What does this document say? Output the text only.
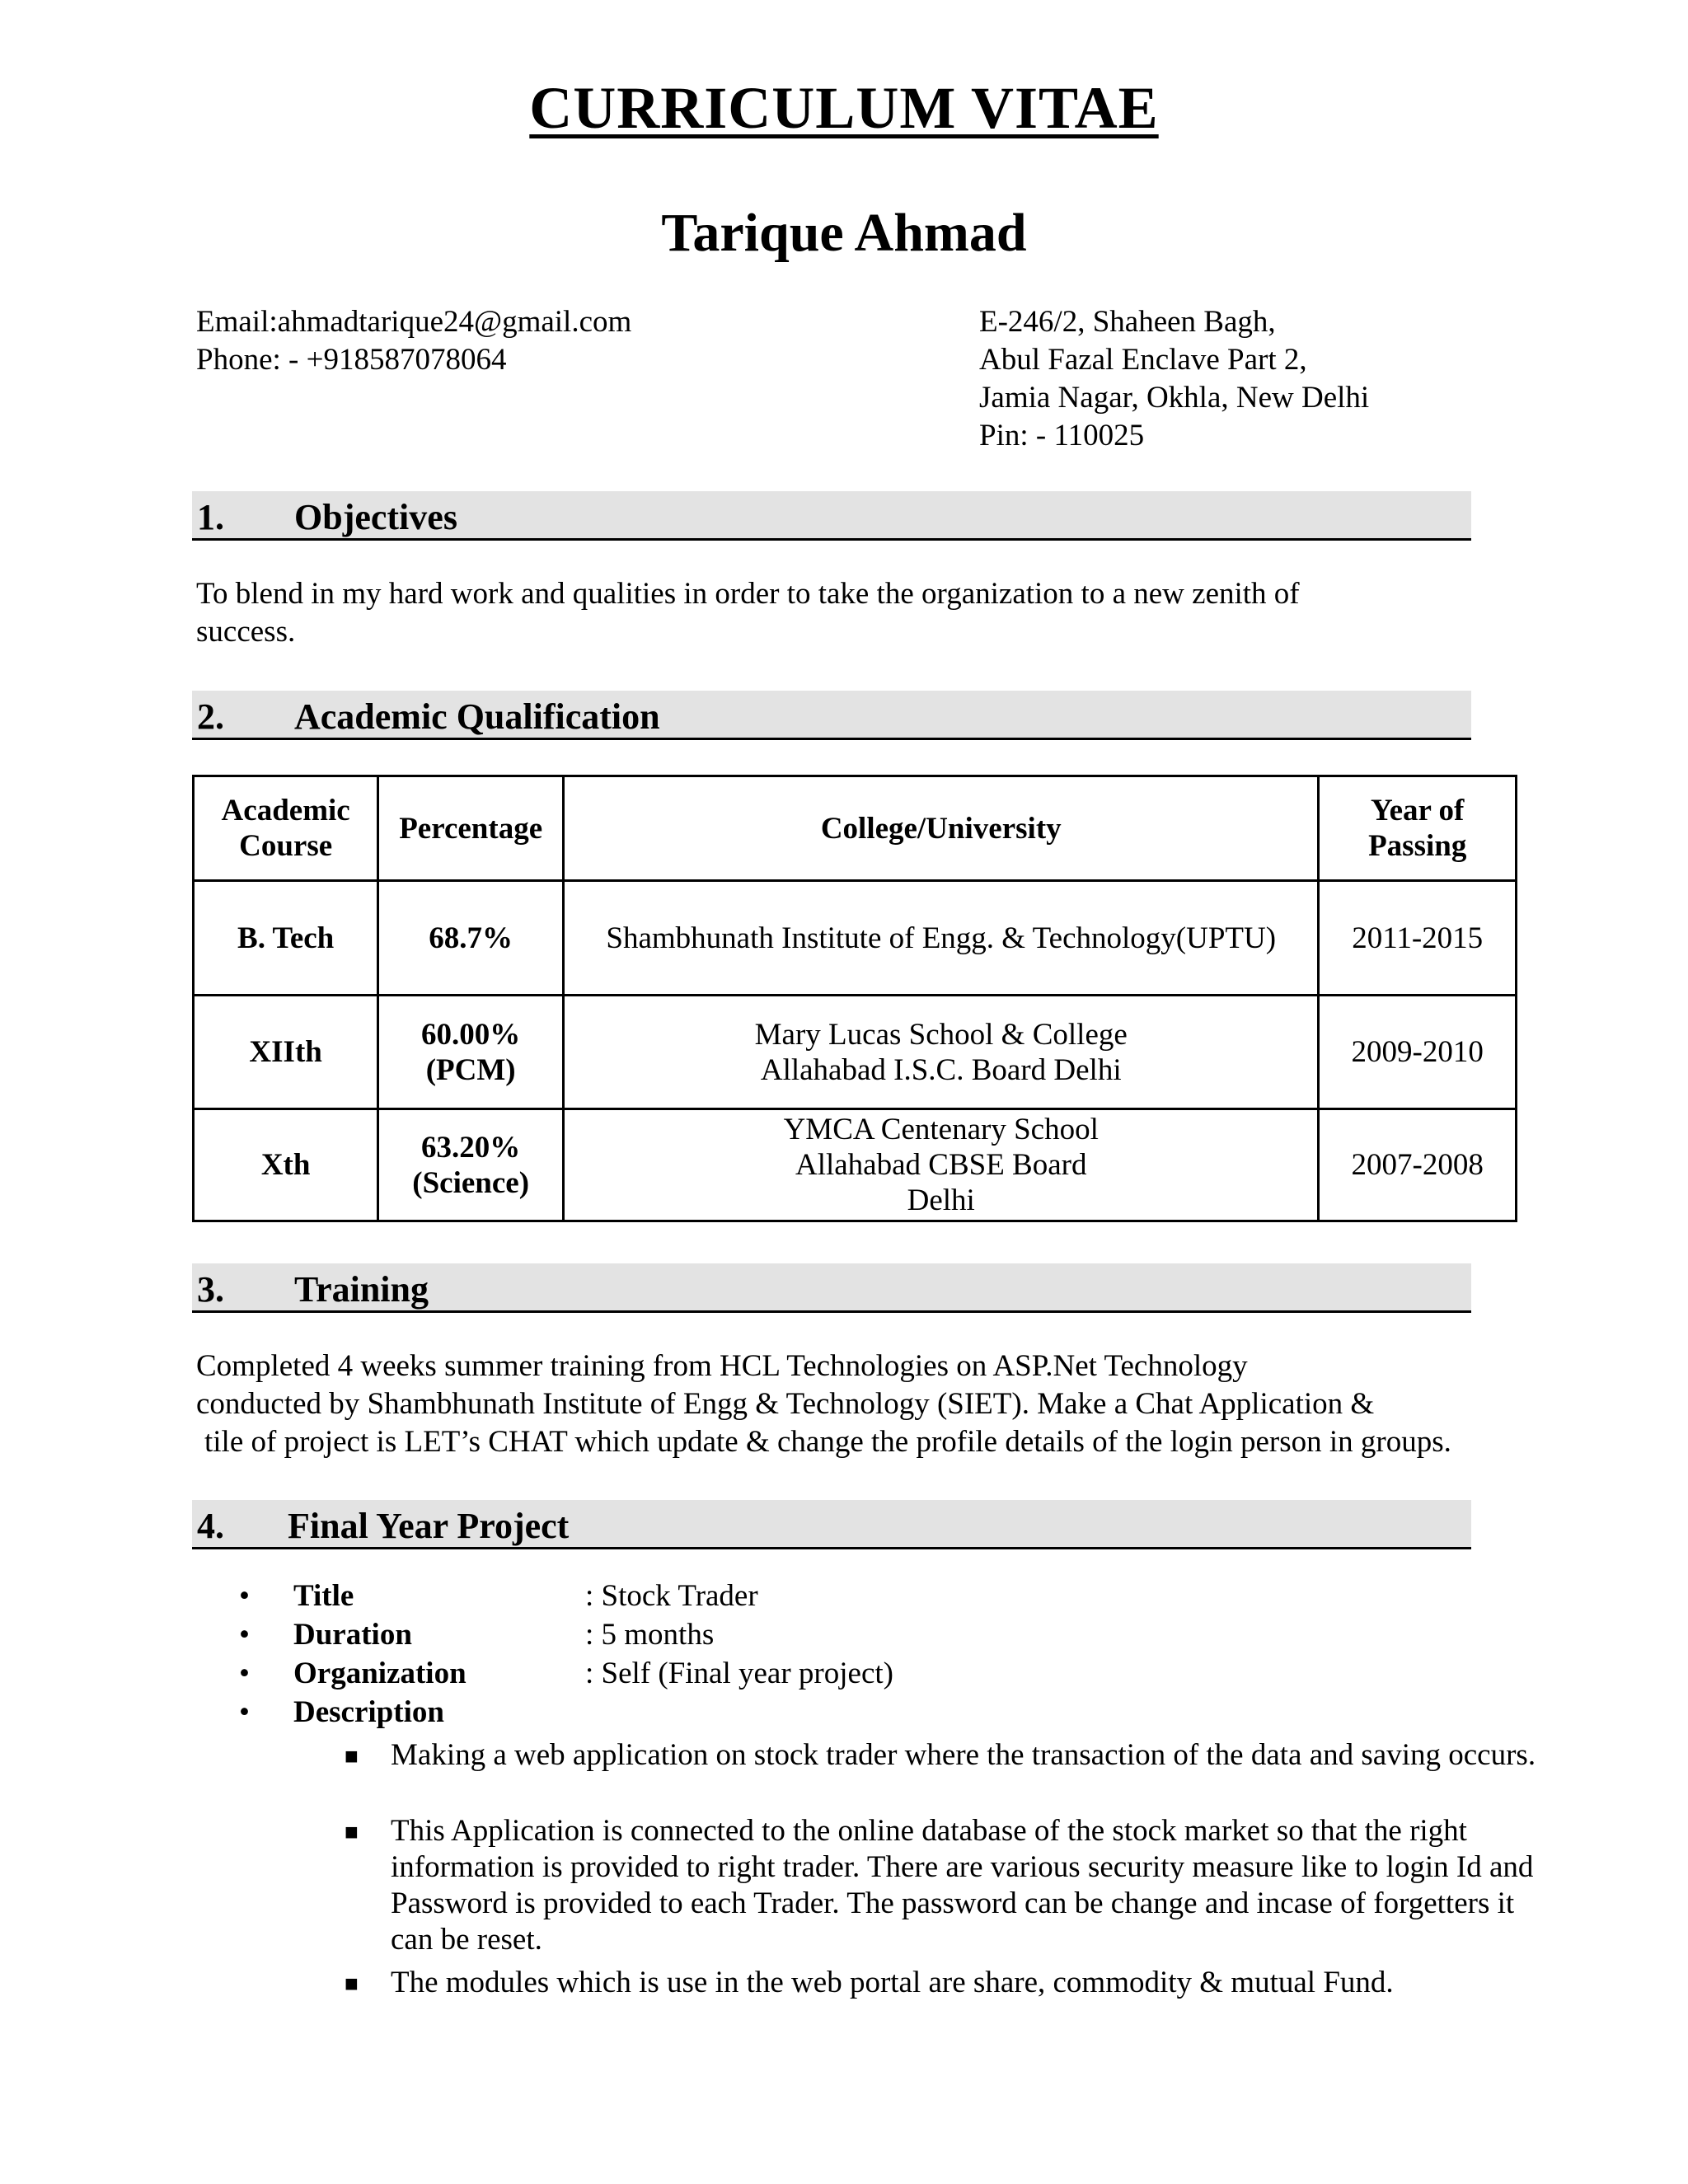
CURRICULUM VITAE
Tarique Ahmad
Email:ahmadtarique24@gmail.com
Phone: - +918587078064
E-246/2, Shaheen Bagh,
Abul Fazal Enclave Part 2,
Jamia Nagar, Okhla, New Delhi
Pin: - 110025
1. Objectives
To blend in my hard work and qualities in order to take the organization to a new zenith of
success.
2. Academic Qualification
Academic Course	Percentage	College/University	Year of Passing
B. Tech	68.7%	Shambhunath Institute of Engg. & Technology(UPTU)	2011-2015
XIIth	60.00% (PCM)	Mary Lucas School & College Allahabad I.S.C. Board Delhi	2009-2010
Xth	63.20% (Science)	YMCA Centenary School Allahabad CBSE Board Delhi	2007-2008
3. Training
Completed 4 weeks summer training from HCL Technologies on ASP.Net Technology
conducted by Shambhunath Institute of Engg & Technology (SIET). Make a Chat Application &
tile of project is LET’s CHAT which update & change the profile details of the login person in groups.
4. Final Year Project
• Title	: Stock Trader
• Duration	: 5 months
• Organization	: Self (Final year project)
• Description
■ Making a web application on stock trader where the transaction of the data and saving occurs.
■ This Application is connected to the online database of the stock market so that the right information is provided to right trader. There are various security measure like to login Id and Password is provided to each Trader. The password can be change and incase of forgetters it can be reset.
■ The modules which is use in the web portal are share, commodity & mutual Fund.
